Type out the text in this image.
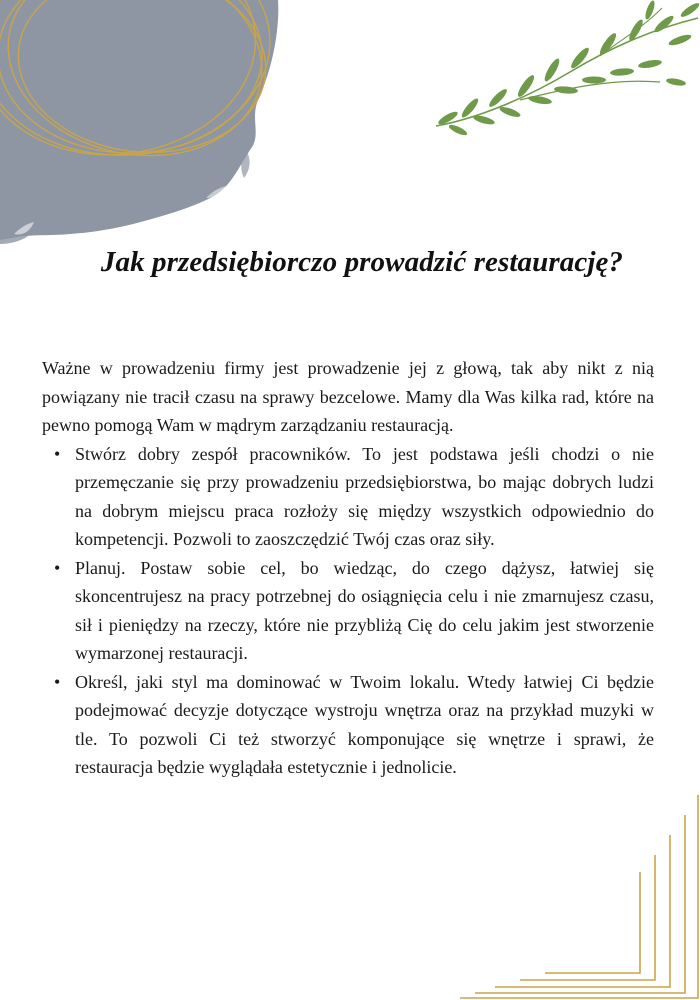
Jak przedsiębiorczo prowadzić restaurację?

Ważne w prowadzeniu firmy jest prowadzenie jej z głową, tak aby nikt z nią powiązany nie tracił czasu na sprawy bezcelowe. Mamy dla Was kilka rad, które na pewno pomogą Wam w mądrym zarządzaniu restauracją.

• Stwórz dobry zespół pracowników. To jest podstawa jeśli chodzi o nie przemęczanie się przy prowadzeniu przedsiębiorstwa, bo mając dobrych ludzi na dobrym miejscu praca rozłoży się między wszystkich odpowiednio do kompetencji. Pozwoli to zaoszczędzić Twój czas oraz siły.
• Planuj. Postaw sobie cel, bo wiedząc, do czego dążysz, łatwiej się skoncentrujesz na pracy potrzebnej do osiągnięcia celu i nie zmarnujesz czasu, sił i pieniędzy na rzeczy, które nie przybliżą Cię do celu jakim jest stworzenie wymarzonej restauracji.
• Określ, jaki styl ma dominować w Twoim lokalu. Wtedy łatwiej Ci będzie podejmować decyzje dotyczące wystroju wnętrza oraz na przykład muzyki w tle. To pozwoli Ci też stworzyć komponujące się wnętrze i sprawi, że restauracja będzie wyglądała estetycznie i jednolicie.
